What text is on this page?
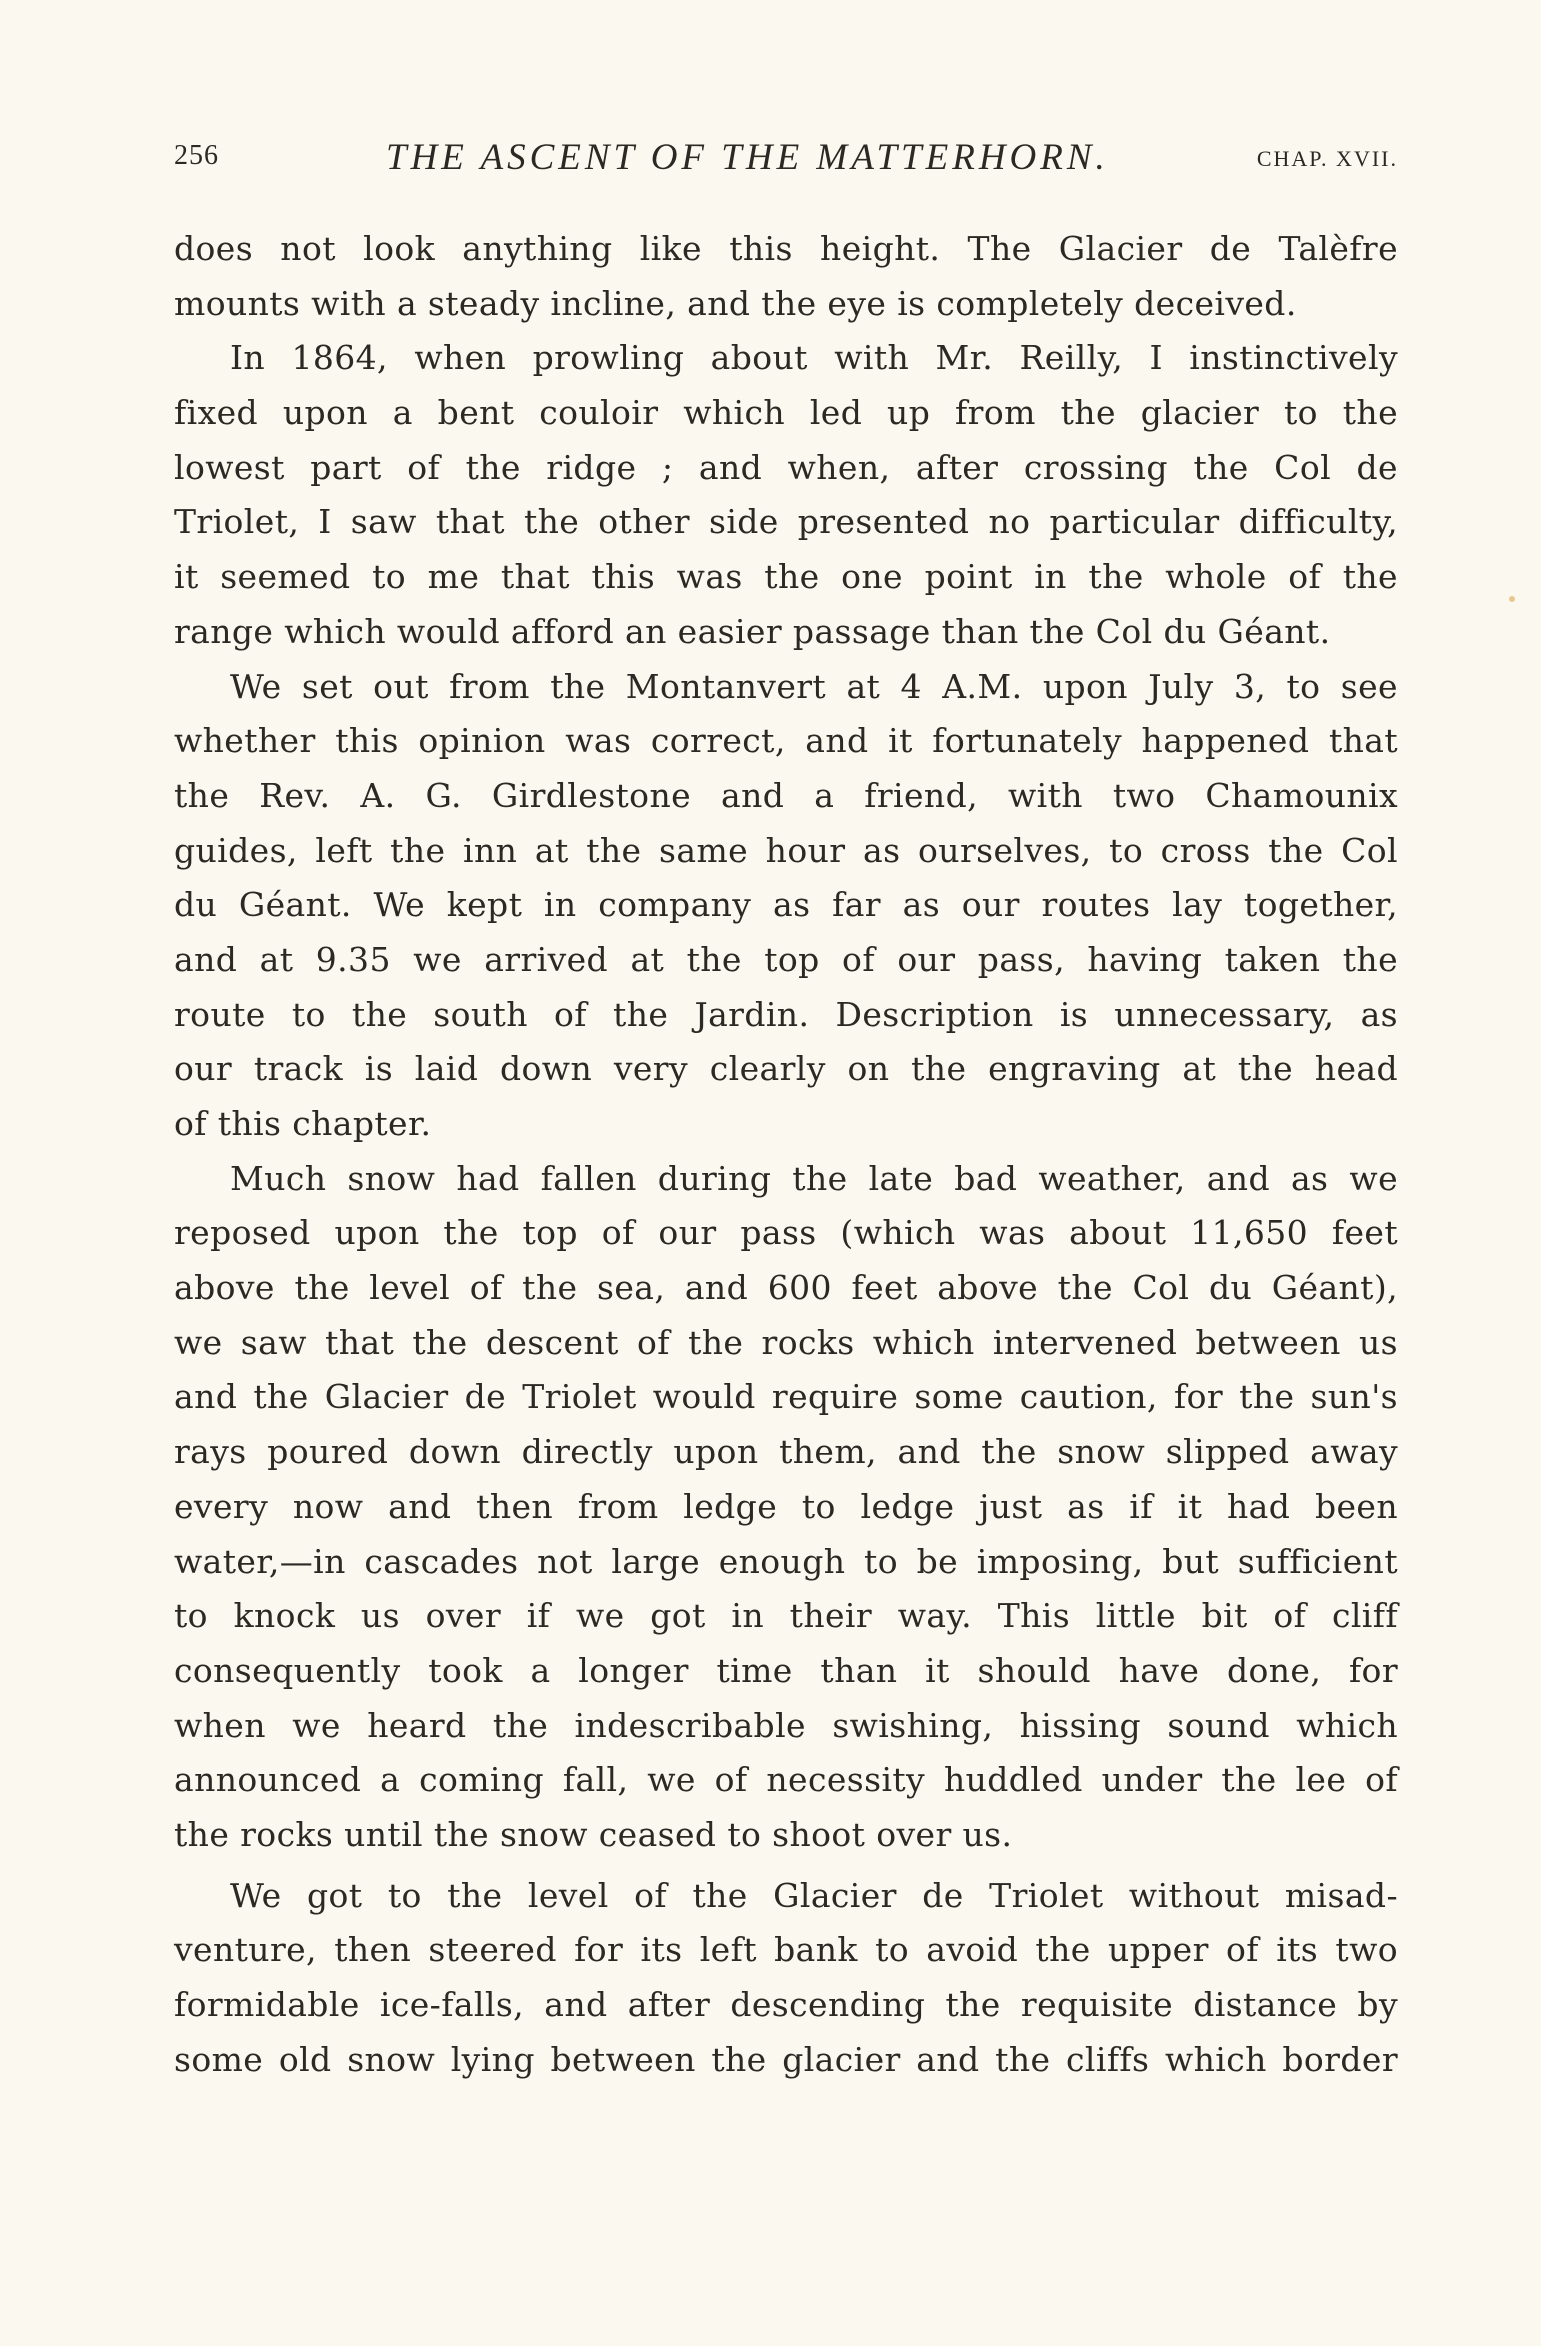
256	THE ASCENT OF THE MATTERHORN.	CHAP. XVII.
does not look anything like this height. The Glacier de Talèfre
mounts with a steady incline, and the eye is completely deceived.
In 1864, when prowling about with Mr. Reilly, I instinctively
fixed upon a bent couloir which led up from the glacier to the
lowest part of the ridge ; and when, after crossing the Col de
Triolet, I saw that the other side presented no particular difficulty,
it seemed to me that this was the one point in the whole of the
range which would afford an easier passage than the Col du Géant.
We set out from the Montanvert at 4 A.M. upon July 3, to see
whether this opinion was correct, and it fortunately happened that
the Rev. A. G. Girdlestone and a friend, with two Chamounix
guides, left the inn at the same hour as ourselves, to cross the Col
du Géant. We kept in company as far as our routes lay together,
and at 9.35 we arrived at the top of our pass, having taken the
route to the south of the Jardin. Description is unnecessary, as
our track is laid down very clearly on the engraving at the head
of this chapter.
Much snow had fallen during the late bad weather, and as we
reposed upon the top of our pass (which was about 11,650 feet
above the level of the sea, and 600 feet above the Col du Géant),
we saw that the descent of the rocks which intervened between us
and the Glacier de Triolet would require some caution, for the sun's
rays poured down directly upon them, and the snow slipped away
every now and then from ledge to ledge just as if it had been
water,—in cascades not large enough to be imposing, but sufficient
to knock us over if we got in their way. This little bit of cliff
consequently took a longer time than it should have done, for
when we heard the indescribable swishing, hissing sound which
announced a coming fall, we of necessity huddled under the lee of
the rocks until the snow ceased to shoot over us.
We got to the level of the Glacier de Triolet without misad-
venture, then steered for its left bank to avoid the upper of its two
formidable ice-falls, and after descending the requisite distance by
some old snow lying between the glacier and the cliffs which border
